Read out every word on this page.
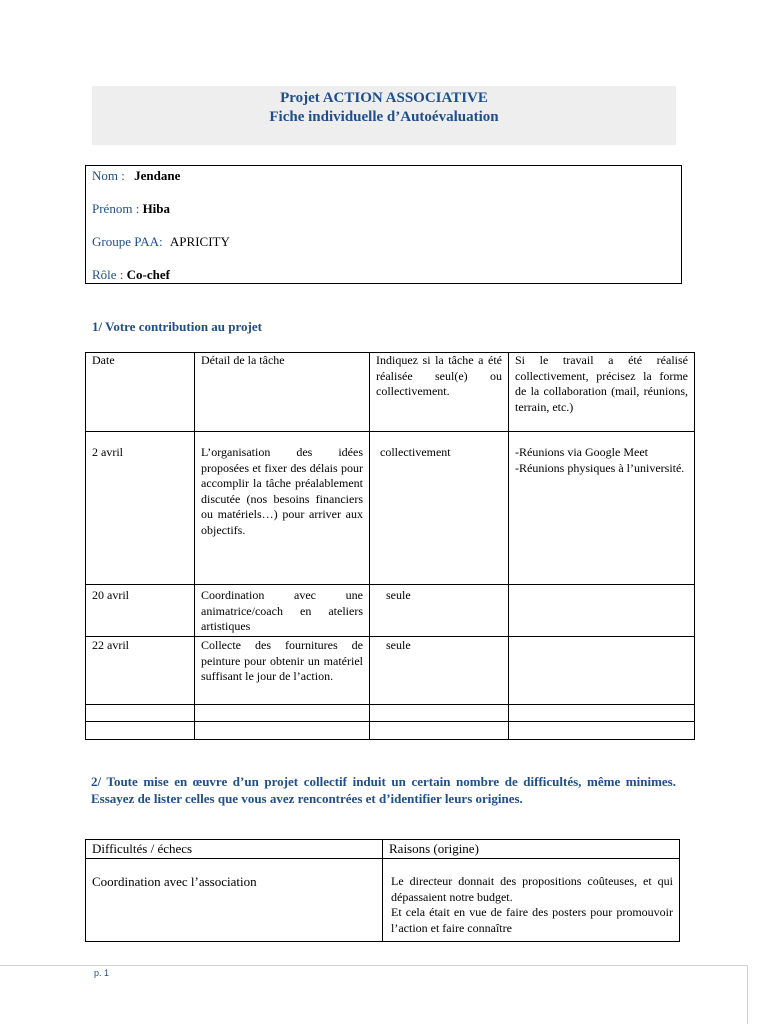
Projet ACTION ASSOCIATIVE
Fiche individuelle d’Autoévaluation
Nom : Jendane
Prénom : Hiba
Groupe PAA: APRICITY
Rôle : Co-chef
1/ Votre contribution au projet
Date	Détail de la tâche	Indiquez si la tâche a été réalisée seul(e) ou collectivement.	Si le travail a été réalisé collectivement, précisez la forme de la collaboration (mail, réunions, terrain, etc.)
2 avril	L’organisation des idées proposées et fixer des délais pour accomplir la tâche préalablement discutée (nos besoins financiers ou matériels…) pour arriver aux objectifs.	collectivement	-Réunions via Google Meet
-Réunions physiques à l’université.

20 avril	Coordination avec une animatrice/coach en ateliers artistiques	seule	
22 avril	Collecte des fournitures de peinture pour obtenir un matériel suffisant le jour de l’action.	seule	

2/ Toute mise en œuvre d’un projet collectif induit un certain nombre de difficultés, même minimes. Essayez de lister celles que vous avez rencontrées et d’identifier leurs origines.
Difficultés / échecs	Raisons (origine)
Coordination avec l’association	Le directeur donnait des propositions coûteuses, et qui dépassaient notre budget.
Et cela était en vue de faire des posters pour promouvoir l’action et faire connaître
p. 1
